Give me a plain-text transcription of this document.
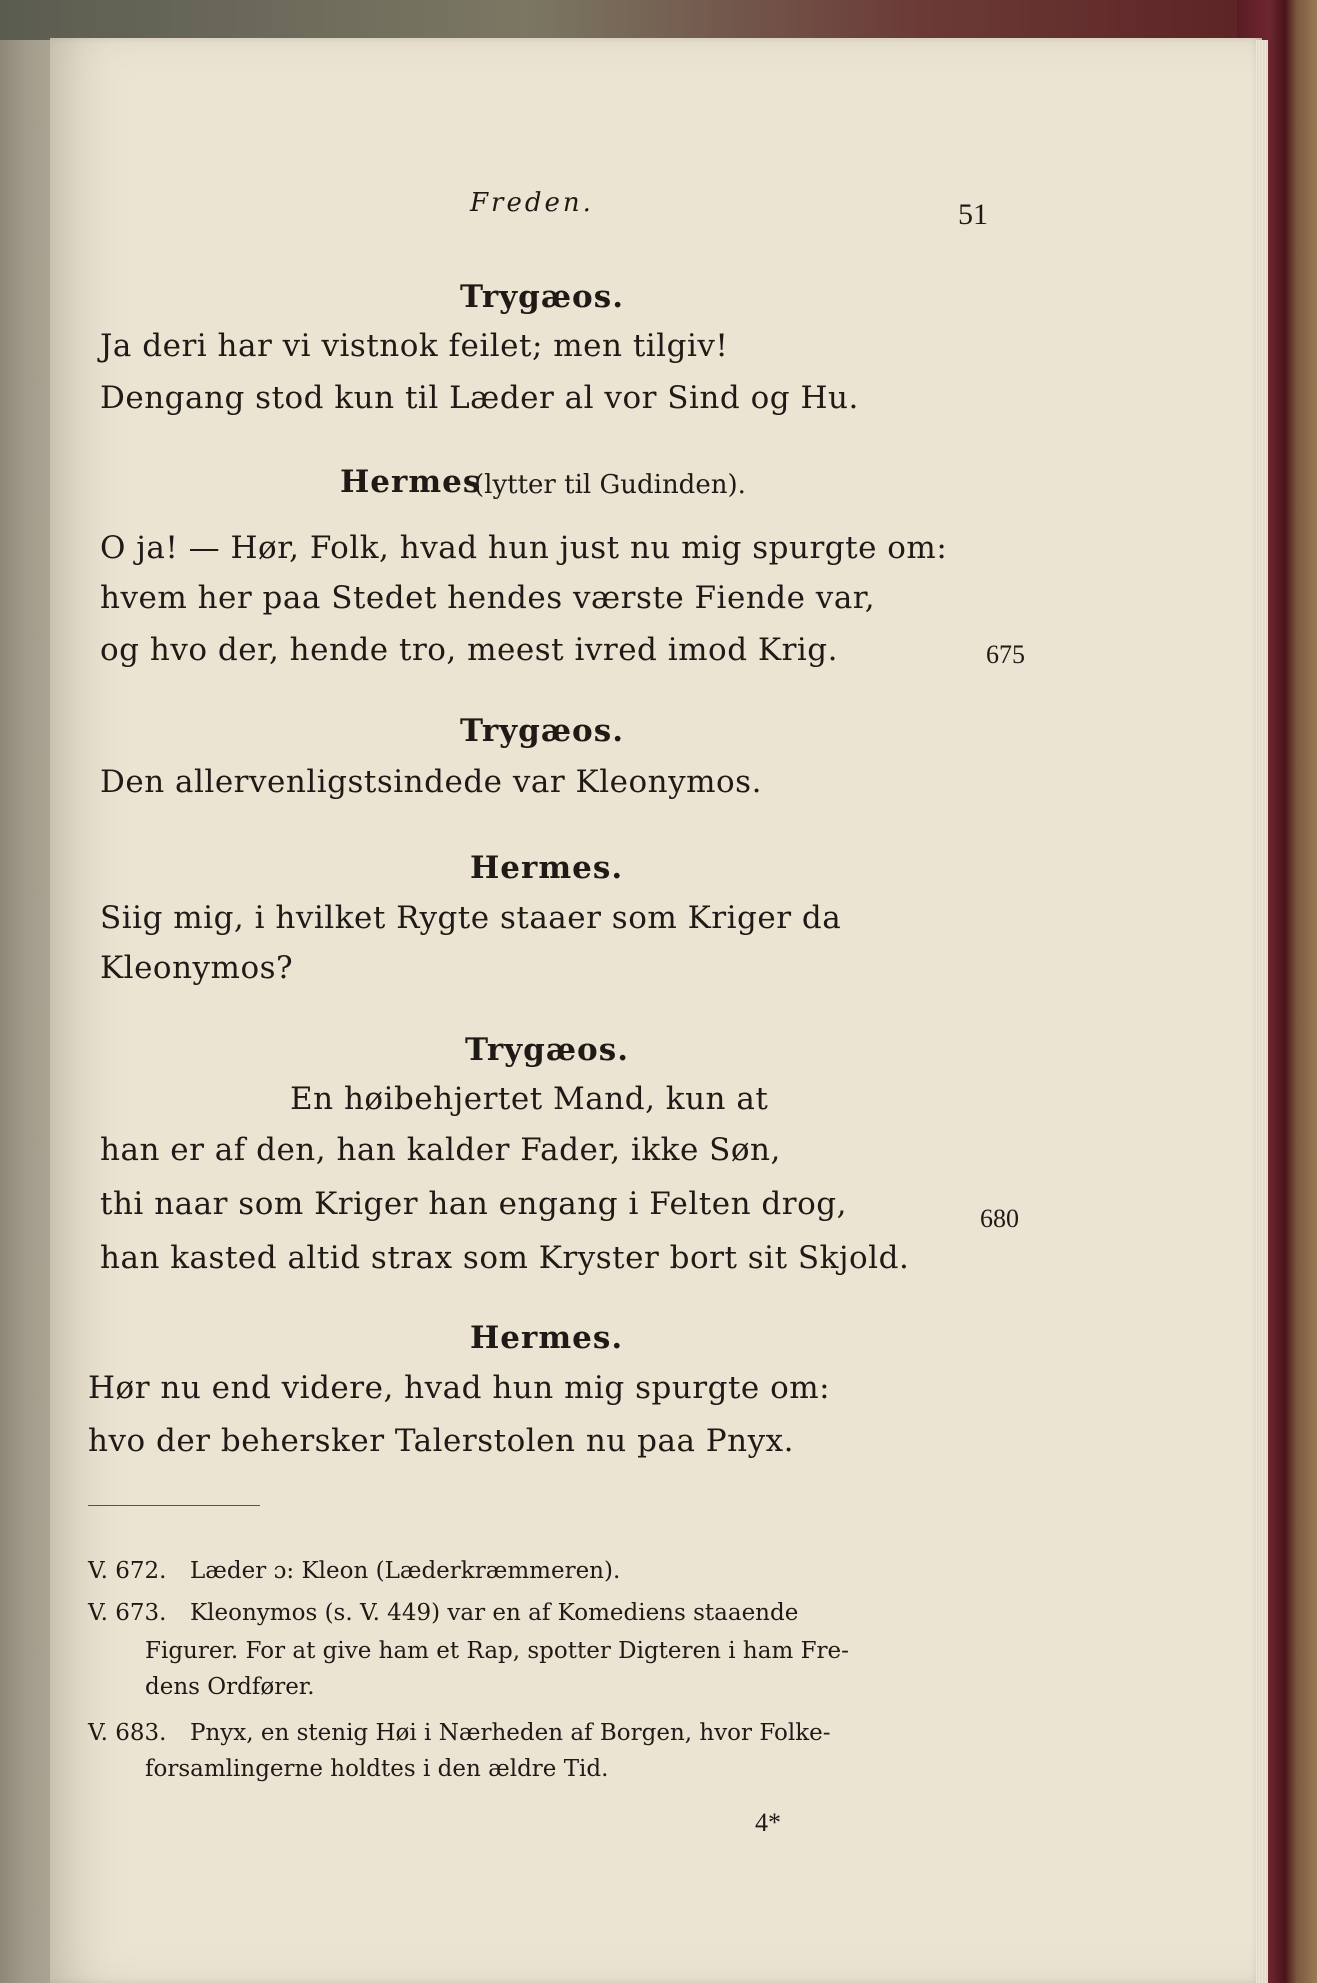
Freden.	51
Trygæos.
Ja deri har vi vistnok feilet; men tilgiv!
Dengang stod kun til Læder al vor Sind og Hu.
Hermes
(lytter til Gudinden).
O ja! — Hør, Folk, hvad hun just nu mig spurgte om:
hvem her paa Stedet hendes værste Fiende var,
og hvo der, hende tro, meest ivred imod Krig.	675
Trygæos.
Den allervenligstsindede var Kleonymos.
Hermes.
Siig mig, i hvilket Rygte staaer som Kriger da
Kleonymos?
Trygæos.
En høibehjertet Mand, kun at
han er af den, han kalder Fader, ikke Søn,
thi naar som Kriger han engang i Felten drog,	680
han kasted altid strax som Kryster bort sit Skjold.
Hermes.
Hør nu end videre, hvad hun mig spurgte om:
hvo der behersker Talerstolen nu paa Pnyx.
V. 672. Læder ɔ: Kleon (Læderkræmmeren).
V. 673. Kleonymos (s. V. 449) var en af Komediens staaende
Figurer. For at give ham et Rap, spotter Digteren i ham Fre-
dens Ordfører.
V. 683. Pnyx, en stenig Høi i Nærheden af Borgen, hvor Folke-
forsamlingerne holdtes i den ældre Tid.
4*
